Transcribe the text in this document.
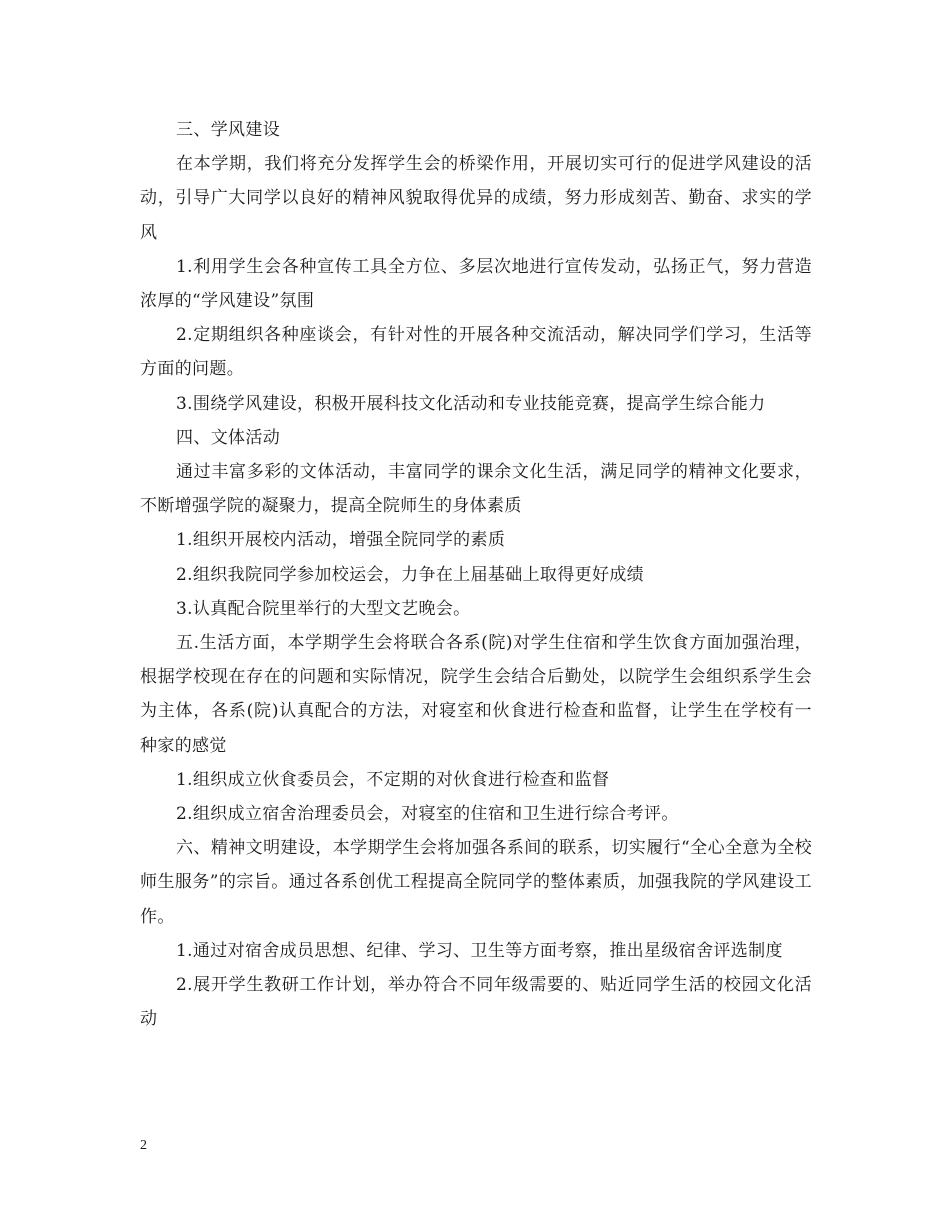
三、学风建设

在本学期，我们将充分发挥学生会的桥梁作用，开展切实可行的促进学风建设的活动，引导广大同学以良好的精神风貌取得优异的成绩，努力形成刻苦、勤奋、求实的学风

1.利用学生会各种宣传工具全方位、多层次地进行宣传发动，弘扬正气，努力营造浓厚的“学风建设”氛围

2.定期组织各种座谈会，有针对性的开展各种交流活动，解决同学们学习，生活等方面的问题。

3.围绕学风建设，积极开展科技文化活动和专业技能竞赛，提高学生综合能力

四、文体活动

通过丰富多彩的文体活动，丰富同学的课余文化生活，满足同学的精神文化要求，不断增强学院的凝聚力，提高全院师生的身体素质

1.组织开展校内活动，增强全院同学的素质

2.组织我院同学参加校运会，力争在上届基础上取得更好成绩

3.认真配合院里举行的大型文艺晚会。

五.生活方面，本学期学生会将联合各系(院)对学生住宿和学生饮食方面加强治理，根据学校现在存在的问题和实际情况，院学生会结合后勤处，以院学生会组织系学生会为主体，各系(院)认真配合的方法，对寝室和伙食进行检查和监督，让学生在学校有一种家的感觉

1.组织成立伙食委员会，不定期的对伙食进行检查和监督

2.组织成立宿舍治理委员会，对寝室的住宿和卫生进行综合考评。

六、精神文明建设，本学期学生会将加强各系间的联系，切实履行“全心全意为全校师生服务”的宗旨。通过各系创优工程提高全院同学的整体素质，加强我院的学风建设工作。

1.通过对宿舍成员思想、纪律、学习、卫生等方面考察，推出星级宿舍评选制度

2.展开学生教研工作计划，举办符合不同年级需要的、贴近同学生活的校园文化活动

2
